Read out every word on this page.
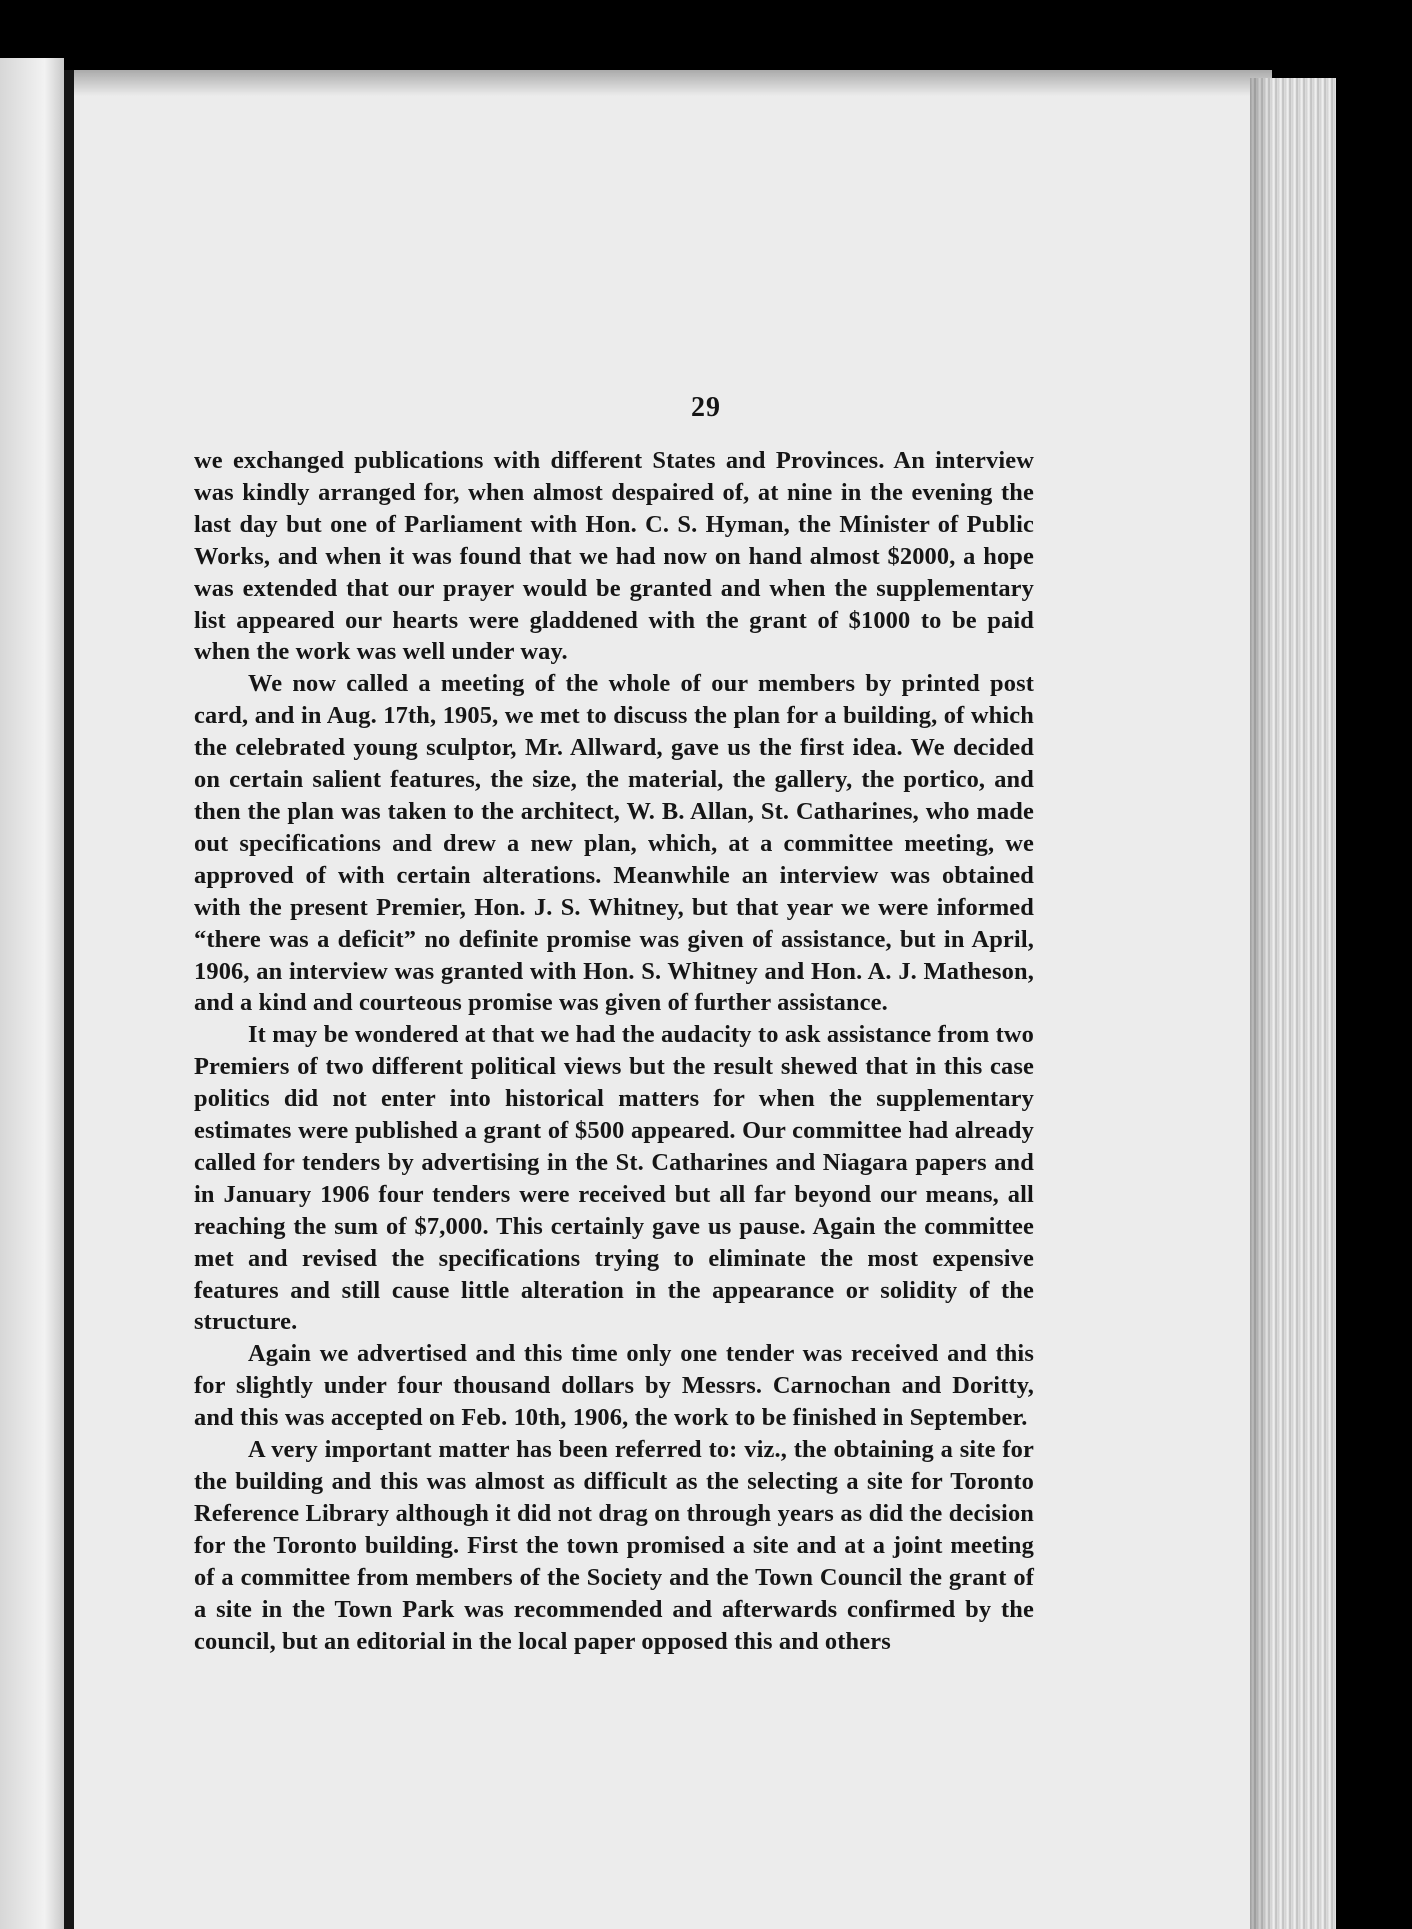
29

we exchanged publications with different States and Provinces. An interview was kindly arranged for, when almost despaired of, at nine in the evening the last day but one of Parliament with Hon. C. S. Hyman, the Minister of Public Works, and when it was found that we had now on hand almost $2000, a hope was extended that our prayer would be granted and when the supplementary list appeared our hearts were gladdened with the grant of $1000 to be paid when the work was well under way.

We now called a meeting of the whole of our members by printed post card, and in Aug. 17th, 1905, we met to discuss the plan for a building, of which the celebrated young sculptor, Mr. Allward, gave us the first idea. We decided on certain salient features, the size, the material, the gallery, the portico, and then the plan was taken to the architect, W. B. Allan, St. Catharines, who made out specifications and drew a new plan, which, at a committee meeting, we approved of with certain alterations. Meanwhile an interview was obtained with the present Premier, Hon. J. S. Whitney, but that year we were informed “there was a deficit” no definite promise was given of assistance, but in April, 1906, an interview was granted with Hon. S. Whitney and Hon. A. J. Matheson, and a kind and courteous promise was given of further assistance.

It may be wondered at that we had the audacity to ask assistance from two Premiers of two different political views but the result shewed that in this case politics did not enter into historical matters for when the supplementary estimates were published a grant of $500 appeared. Our committee had already called for tenders by advertising in the St. Catharines and Niagara papers and in January 1906 four tenders were received but all far beyond our means, all reaching the sum of $7,000. This certainly gave us pause. Again the committee met and revised the specifications trying to eliminate the most expensive features and still cause little alteration in the appearance or solidity of the structure.

Again we advertised and this time only one tender was received and this for slightly under four thousand dollars by Messrs. Carnochan and Doritty, and this was accepted on Feb. 10th, 1906, the work to be finished in September.

A very important matter has been referred to: viz., the obtaining a site for the building and this was almost as difficult as the selecting a site for Toronto Reference Library although it did not drag on through years as did the decision for the Toronto building. First the town promised a site and at a joint meeting of a committee from members of the Society and the Town Council the grant of a site in the Town Park was recommended and afterwards confirmed by the council, but an editorial in the local paper opposed this and others
